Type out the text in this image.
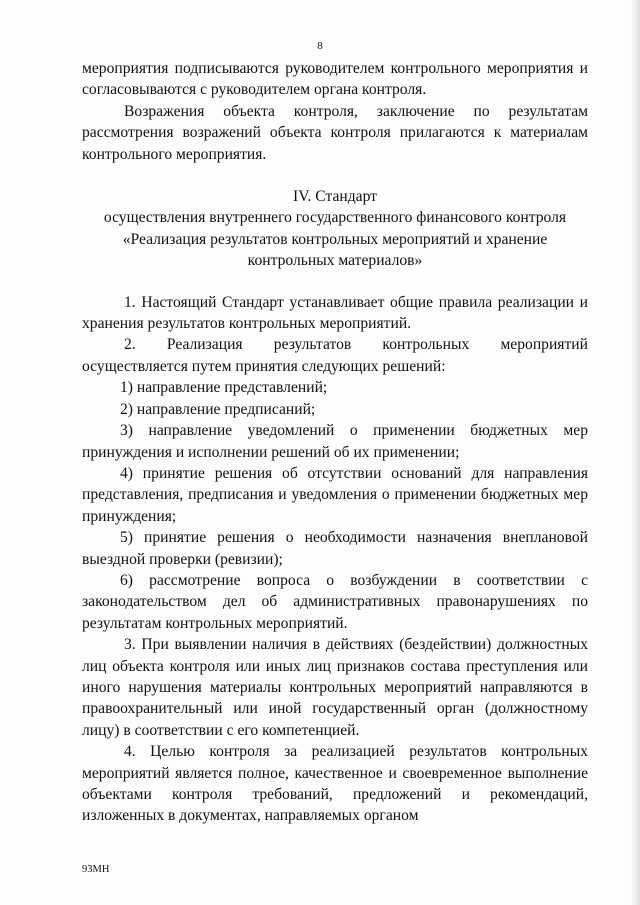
8

мероприятия подписываются руководителем контрольного мероприятия и согласовываются с руководителем органа контроля.

Возражения объекта контроля, заключение по результатам рассмотрения возражений объекта контроля прилагаются к материалам контрольного мероприятия.

IV. Стандарт
осуществления внутреннего государственного финансового контроля
«Реализация результатов контрольных мероприятий и хранение
контрольных материалов»

1. Настоящий Стандарт устанавливает общие правила реализации и хранения результатов контрольных мероприятий.

2. Реализация результатов контрольных мероприятий осуществляется путем принятия следующих решений:

1) направление представлений;

2) направление предписаний;

3) направление уведомлений о применении бюджетных мер принуждения и исполнении решений об их применении;

4) принятие решения об отсутствии оснований для направления представления, предписания и уведомления о применении бюджетных мер принуждения;

5) принятие решения о необходимости назначения внеплановой выездной проверки (ревизии);

6) рассмотрение вопроса о возбуждении в соответствии с законодательством дел об административных правонарушениях по результатам контрольных мероприятий.

3. При выявлении наличия в действиях (бездействии) должностных лиц объекта контроля или иных лиц признаков состава преступления или иного нарушения материалы контрольных мероприятий направляются в правоохранительный или иной государственный орган (должностному лицу) в соответствии с его компетенцией.

4. Целью контроля за реализацией результатов контрольных мероприятий является полное, качественное и своевременное выполнение объектами контроля требований, предложений и рекомендаций, изложенных в документах, направляемых органом

93МН
